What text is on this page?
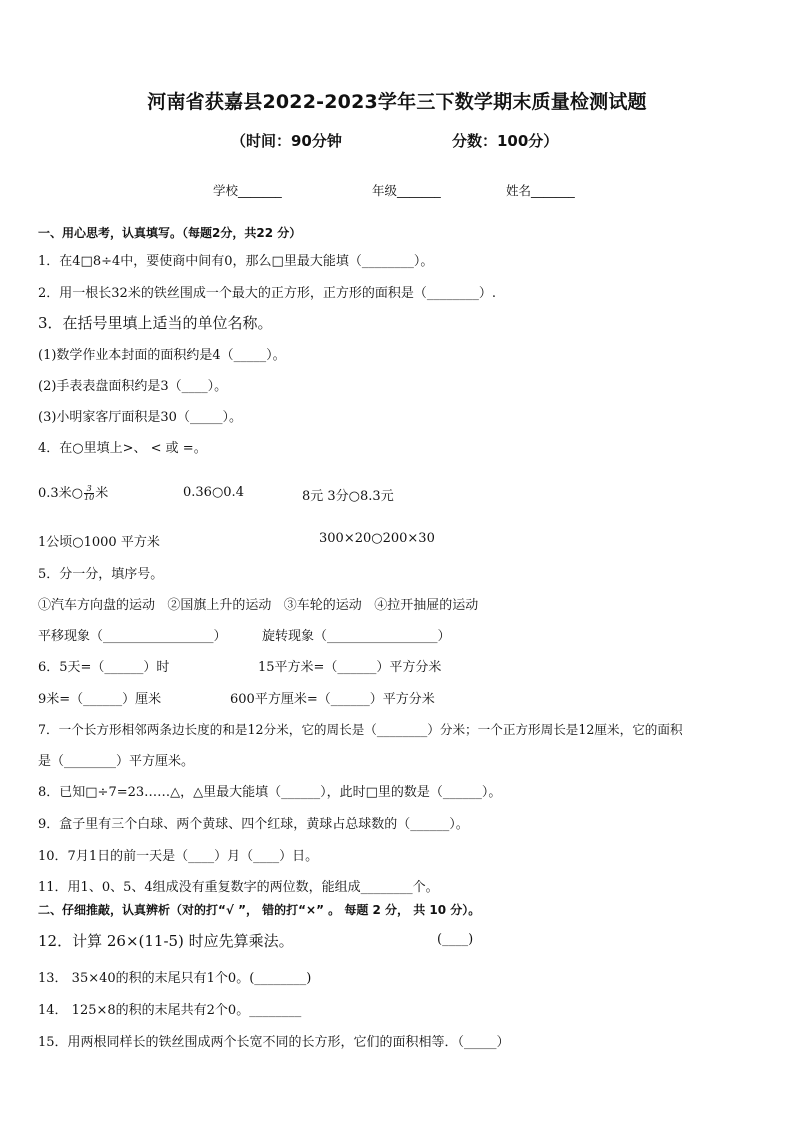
河南省获嘉县2022-2023学年三下数学期末质量检测试题
（时间：90分钟	分数：100分）
学校_______	年级_______	姓名_______
一、用心思考，认真填写。（每题2分，共22 分）
1．在4□8÷4中，要使商中间有0，那么□里最大能填（________）。
2．用一根长32米的铁丝围成一个最大的正方形，正方形的面积是（________）.
3．在括号里填上适当的单位名称。
(1)数学作业本封面的面积约是4（_____）。
(2)手表表盘面积约是3（____）。
(3)小明家客厅面积是30（_____）。
4．在○里填上>、 < 或 =。
0.3米○ $\frac{3}{10}$ 米	0.36○0.4	8元 3分○8.3元
1公顷○1000 平方米	300×20○200×30
5．分一分，填序号。
①汽车方向盘的运动   ②国旗上升的运动   ③车轮的运动   ④拉开抽屉的运动
平移现象（_________________）	旋转现象（_________________）
6．5天=（______）时	15平方米=（______）平方分米
9米=（______）厘米	600平方厘米=（______）平方分米
7．一个长方形相邻两条边长度的和是12分米，它的周长是（________）分米；一个正方形周长是12厘米，它的面积
是（________）平方厘米。
8．已知□÷7=23……△，△里最大能填（______），此时□里的数是（______）。
9．盒子里有三个白球、两个黄球、四个红球，黄球占总球数的（______）。
10．7月1日的前一天是（____）月（____）日。
11．用1、0、5、4组成没有重复数字的两位数，能组成________个。
二、仔细推敲，认真辨析（对的打“√ ”， 错的打“×” 。 每题 2 分， 共 10 分）。
12．计算 26×(11-5) 时应先算乘法。	(____)
13． 35×40的积的末尾只有1个0。(________)
14． 125×8的积的末尾共有2个0。________
15．用两根同样长的铁丝围成两个长宽不同的长方形，它们的面积相等．（_____）
